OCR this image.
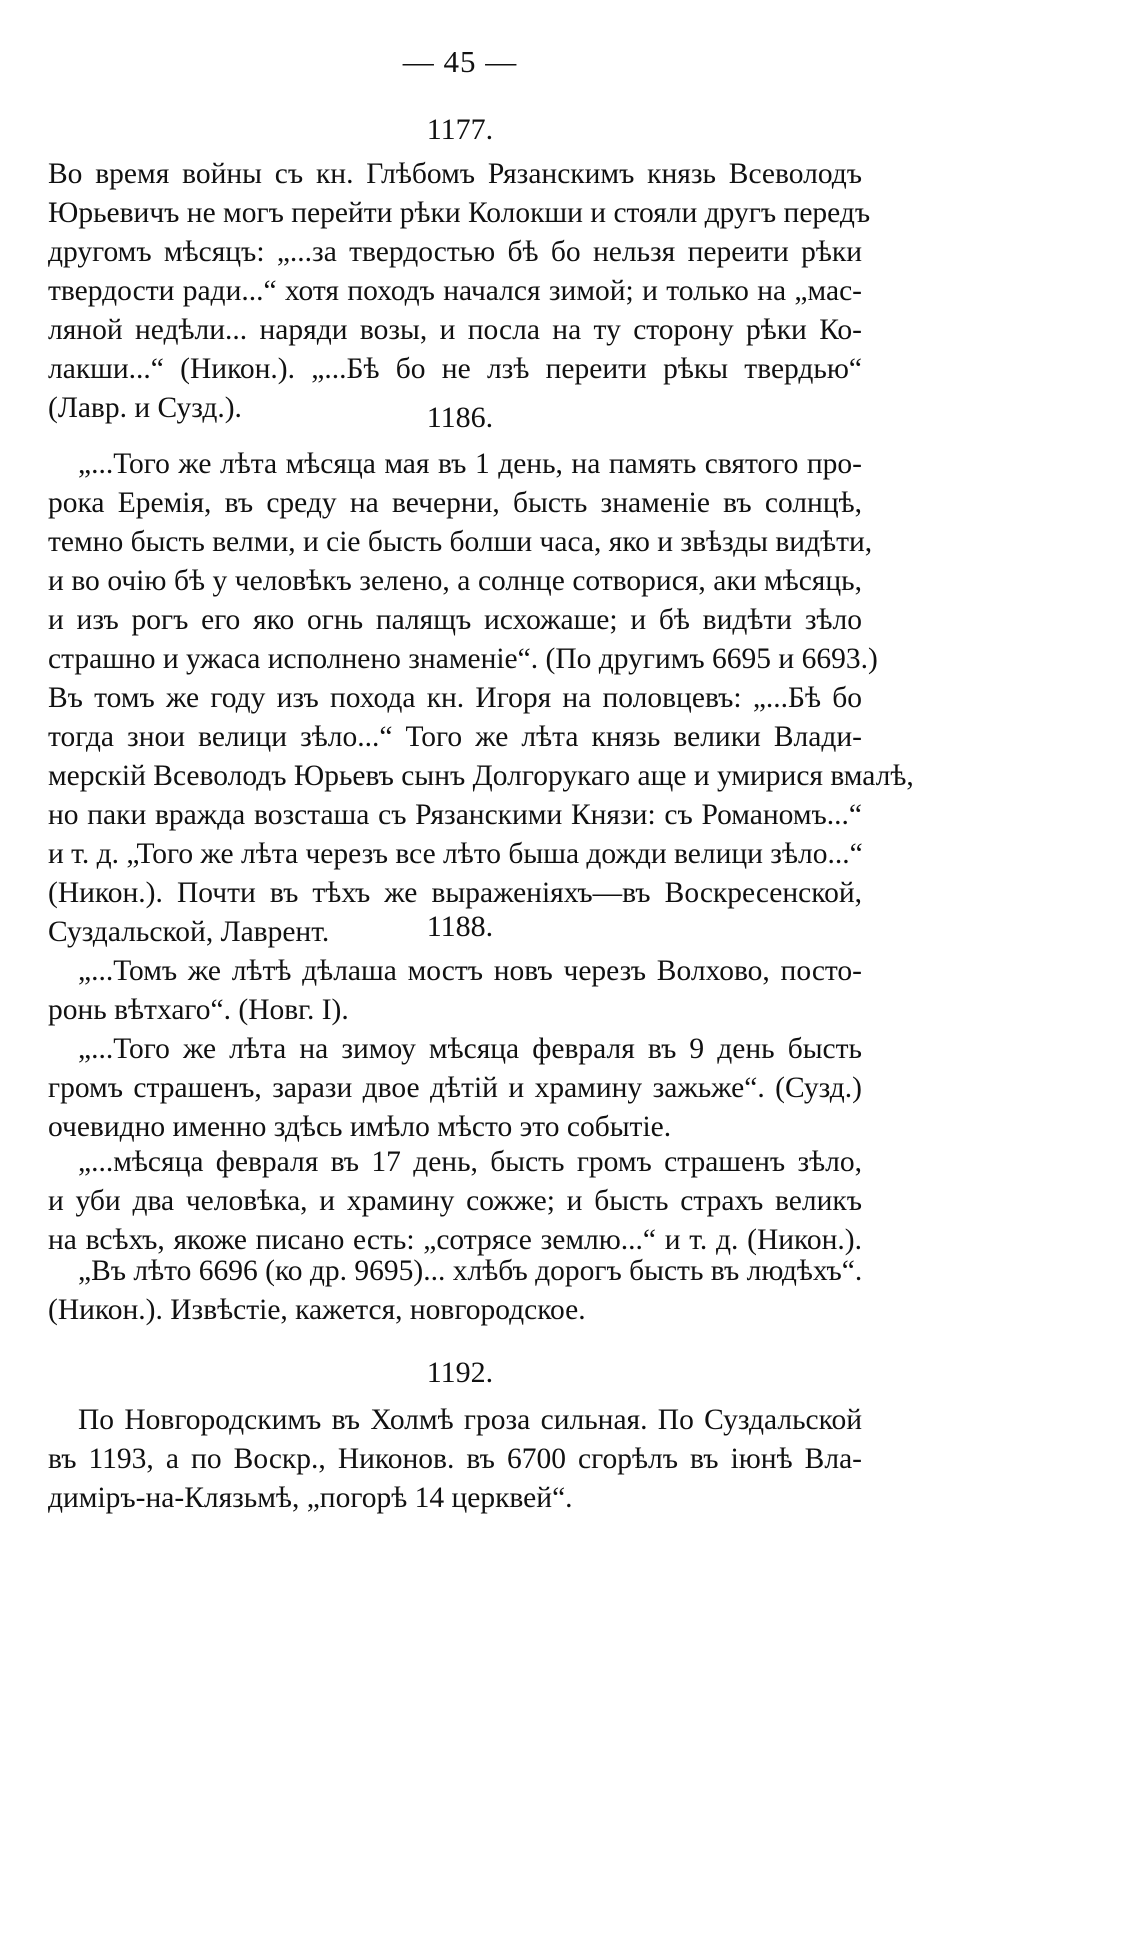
— 45 —
1177.
Во время войны съ кн. Глѣбомъ Рязанскимъ князь Всеволодъ
Юрьевичъ не могъ перейти рѣки Колокши и стояли другъ передъ
другомъ мѣсяцъ: „...за твердостью бѣ бо нельзя переити рѣки
твердости ради...“ хотя походъ начался зимой; и только на „мас-
ляной недѣли... наряди возы, и посла на ту сторону рѣки Ко-
лакши...“ (Никон.). „...Бѣ бо не лзѣ переити рѣкы твердью“
(Лавр. и Сузд.).	1186.
„...Того же лѣта мѣсяца мая въ 1 день, на память святого про-
рока Еремія, въ среду на вечерни, бысть знаменіе въ солнцѣ,
темно бысть велми, и сіе бысть болши часа, яко и звѣзды видѣти,
и во очію бѣ у человѣкъ зелено, а солнце сотворися, аки мѣсяць,
и изъ рогъ его яко огнь палящъ исхожаше; и бѣ видѣти зѣло
страшно и ужаса исполнено знаменіе“. (По другимъ 6695 и 6693.)
Въ томъ же году изъ похода кн. Игоря на половцевъ: „...Бѣ бо
тогда знои велици зѣло...“ Того же лѣта князь велики Влади-
мерскій Всеволодъ Юрьевъ сынъ Долгорукаго аще и умирися вмалѣ,
но паки вражда возсташа съ Рязанскими Князи: съ Романомъ...“
и т. д. „Того же лѣта черезъ все лѣто быша дожди велици зѣло...“
(Никон.). Почти въ тѣхъ же выраженіяхъ—въ Воскресенской,
Суздальской, Лаврент.	1188.
„...Томъ же лѣтѣ дѣлаша мостъ новъ черезъ Волхово, посто-
ронь вѣтхаго“. (Новг. I).
„...Того же лѣта на зимоу мѣсяца февраля въ 9 день бысть
громъ страшенъ, зарази двое дѣтій и храмину зажьже“. (Сузд.)
очевидно именно здѣсь имѣло мѣсто это событіе.
„...мѣсяца февраля въ 17 день, бысть громъ страшенъ зѣло,
и уби два человѣка, и храмину сожже; и бысть страхъ великъ
на всѣхъ, якоже писано есть: „сотрясе землю...“ и т. д. (Никон.).
„Въ лѣто 6696 (ко др. 9695)... хлѣбъ дорогъ бысть въ людѣхъ“.
(Никон.). Извѣстіе, кажется, новгородское.
1192.
По Новгородскимъ въ Холмѣ гроза сильная. По Суздальской
въ 1193, а по Воскр., Никонов. въ 6700 сгорѣлъ въ іюнѣ Вла-
диміръ-на-Клязьмѣ, „погорѣ 14 церквей“.
